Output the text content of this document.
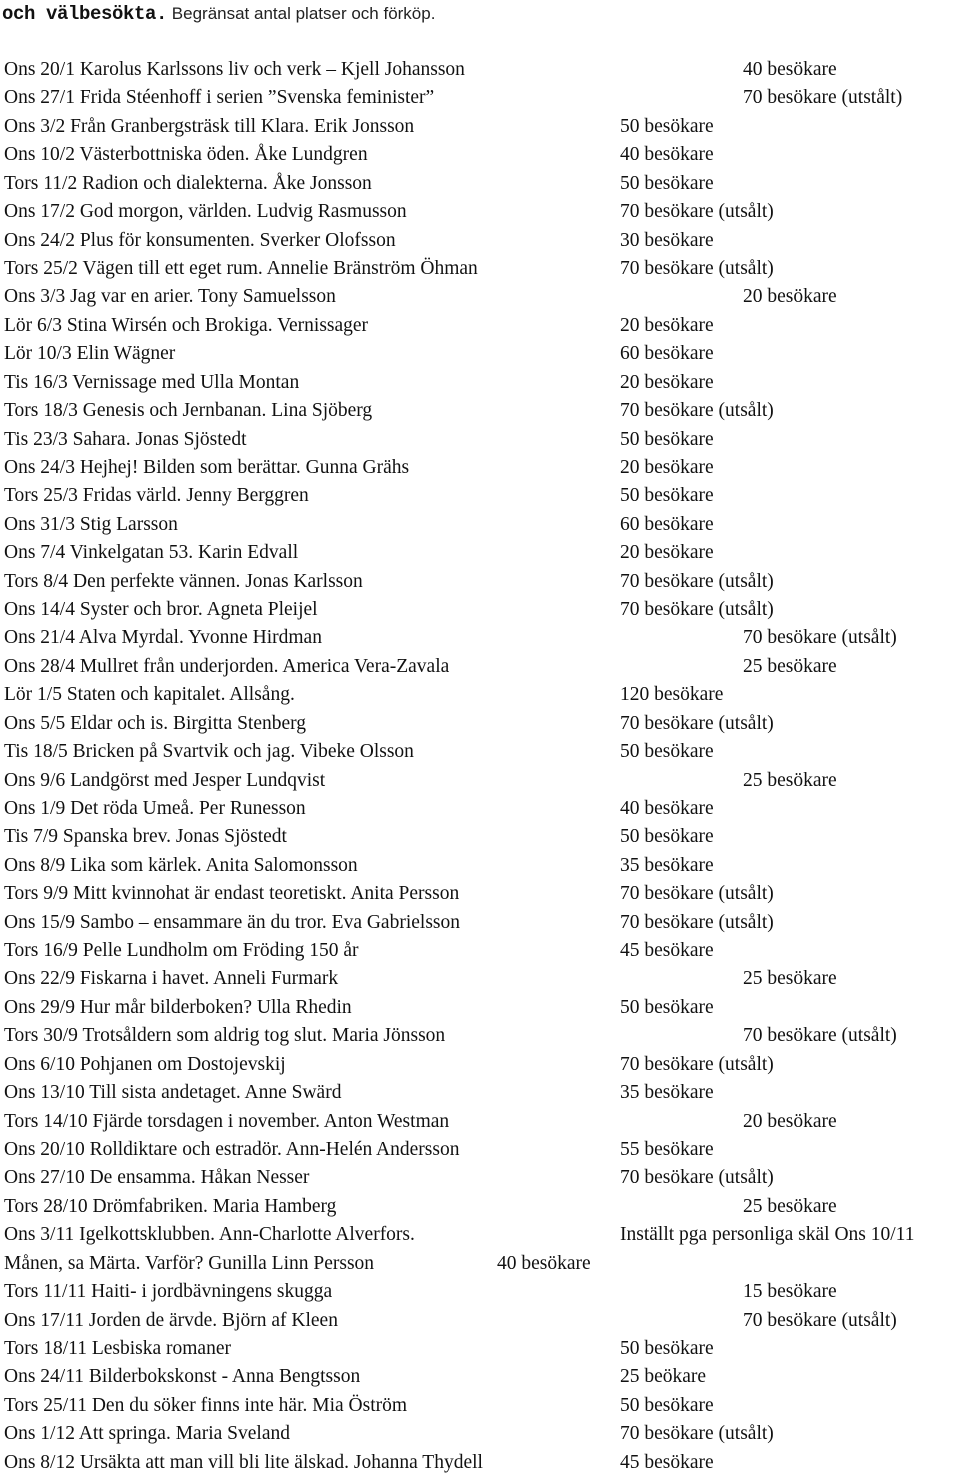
och välbesökta. Begränsat antal platser och förköp.
Ons 20/1 Karolus Karlssons liv och verk – Kjell Johansson	40 besökare
Ons 27/1 Frida Stéenhoff i serien ”Svenska feminister”	70 besökare (utstålt)
Ons 3/2 Från Granbergsträsk till Klara. Erik Jonsson	50 besökare
Ons 10/2 Västerbottniska öden. Åke Lundgren	40 besökare
Tors 11/2 Radion och dialekterna. Åke Jonsson	50 besökare
Ons 17/2 God morgon, världen. Ludvig Rasmusson	70 besökare (utsålt)
Ons 24/2 Plus för konsumenten. Sverker Olofsson	30 besökare
Tors 25/2 Vägen till ett eget rum. Annelie Bränström Öhman	70 besökare (utsålt)
Ons 3/3 Jag var en arier. Tony Samuelsson	20 besökare
Lör 6/3 Stina Wirsén och Brokiga. Vernissager	20 besökare
Lör 10/3 Elin Wägner	60 besökare
Tis 16/3 Vernissage med Ulla Montan	20 besökare
Tors 18/3 Genesis och Jernbanan. Lina Sjöberg	70 besökare (utsålt)
Tis 23/3 Sahara. Jonas Sjöstedt	50 besökare
Ons 24/3 Hejhej! Bilden som berättar. Gunna Grähs	20 besökare
Tors 25/3 Fridas värld. Jenny Berggren	50 besökare
Ons 31/3 Stig Larsson	60 besökare
Ons 7/4 Vinkelgatan 53. Karin Edvall	20 besökare
Tors 8/4 Den perfekte vännen. Jonas Karlsson	70 besökare (utsålt)
Ons 14/4 Syster och bror. Agneta Pleijel	70 besökare (utsålt)
Ons 21/4 Alva Myrdal. Yvonne Hirdman	70 besökare (utsålt)
Ons 28/4 Mullret från underjorden. America Vera-Zavala	25 besökare
Lör 1/5 Staten och kapitalet. Allsång.	120 besökare
Ons 5/5 Eldar och is. Birgitta Stenberg	70 besökare (utsålt)
Tis 18/5 Bricken på Svartvik och jag. Vibeke Olsson	50 besökare
Ons 9/6 Landgörst med Jesper Lundqvist	25 besökare
Ons 1/9 Det röda Umeå. Per Runesson	40 besökare
Tis 7/9 Spanska brev. Jonas Sjöstedt	50 besökare
Ons 8/9 Lika som kärlek. Anita Salomonsson	35 besökare
Tors 9/9 Mitt kvinnohat är endast teoretiskt. Anita Persson	70 besökare (utsålt)
Ons 15/9 Sambo – ensammare än du tror. Eva Gabrielsson	70 besökare (utsålt)
Tors 16/9 Pelle Lundholm om Fröding 150 år	45 besökare
Ons 22/9 Fiskarna i havet. Anneli Furmark	25 besökare
Ons 29/9 Hur mår bilderboken? Ulla Rhedin	50 besökare
Tors 30/9 Trotsåldern som aldrig tog slut. Maria Jönsson	70 besökare (utsålt)
Ons 6/10 Pohjanen om Dostojevskij	70 besökare (utsålt)
Ons 13/10 Till sista andetaget. Anne Swärd	35 besökare
Tors 14/10 Fjärde torsdagen i november. Anton Westman	20 besökare
Ons 20/10 Rolldiktare och estradör. Ann-Helén Andersson	55 besökare
Ons 27/10 De ensamma. Håkan Nesser	70 besökare (utsålt)
Tors 28/10 Drömfabriken. Maria Hamberg	25 besökare
Ons 3/11 Igelkottsklubben. Ann-Charlotte Alverfors.	Inställt pga personliga skäl Ons 10/11
Månen, sa Märta. Varför? Gunilla Linn Persson	40 besökare
Tors 11/11 Haiti- i jordbävningens skugga	15 besökare
Ons 17/11 Jorden de ärvde. Björn af Kleen	70 besökare (utsålt)
Tors 18/11 Lesbiska romaner	50 besökare
Ons 24/11 Bilderbokskonst - Anna Bengtsson	25 beökare
Tors 25/11 Den du söker finns inte här. Mia Öström	50 besökare
Ons 1/12 Att springa. Maria Sveland	70 besökare (utsålt)
Ons 8/12 Ursäkta att man vill bli lite älskad. Johanna Thydell	45 besökare
